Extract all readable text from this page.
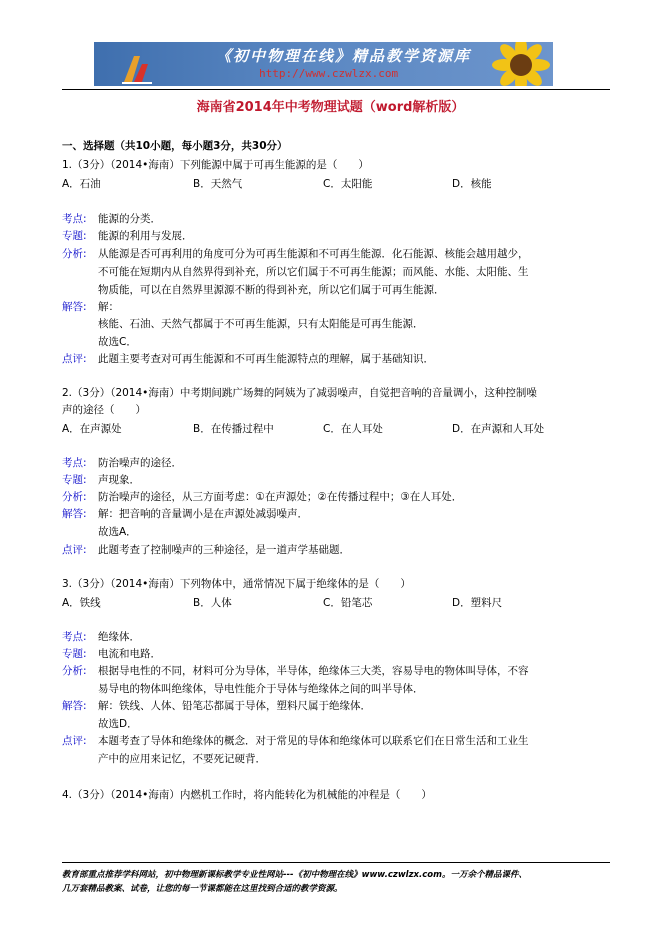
《初中物理在线》精品教学资源库
http://www.czwlzx.com
海南省2014年中考物理试题（word解析版）
一、选择题（共10小题，每小题3分，共30分）
1.（3分）（2014•海南）下列能源中属于可再生能源的是（　　）
A．石油	B．天然气	C．太阳能	D．核能
考点: 能源的分类．
专题: 能源的利用与发展．
分析: 从能源是否可再利用的角度可分为可再生能源和不可再生能源．化石能源、核能会越用越少，
不可能在短期内从自然界得到补充，所以它们属于不可再生能源；而风能、水能、太阳能、生
物质能，可以在自然界里源源不断的得到补充，所以它们属于可再生能源．
解答: 解：
核能、石油、天然气都属于不可再生能源，只有太阳能是可再生能源．
故选C．
点评: 此题主要考查对可再生能源和不可再生能源特点的理解，属于基础知识．
2.（3分）（2014•海南）中考期间跳广场舞的阿姨为了减弱噪声，自觉把音响的音量调小，这种控制噪
声的途径（　　）
A．在声源处	B．在传播过程中	C．在人耳处	D．在声源和人耳处
考点: 防治噪声的途径．
专题: 声现象．
分析: 防治噪声的途径，从三方面考虑：①在声源处；②在传播过程中；③在人耳处．
解答: 解：把音响的音量调小是在声源处减弱噪声．
故选A．
点评: 此题考查了控制噪声的三种途径，是一道声学基础题．
3.（3分）（2014•海南）下列物体中，通常情况下属于绝缘体的是（　　）
A．铁线	B．人体	C．铅笔芯	D．塑料尺
考点: 绝缘体．
专题: 电流和电路．
分析: 根据导电性的不同，材料可分为导体，半导体，绝缘体三大类，容易导电的物体叫导体，不容
易导电的物体叫绝缘体，导电性能介于导体与绝缘体之间的叫半导体．
解答: 解：铁线、人体、铅笔芯都属于导体，塑料尺属于绝缘体．
故选D．
点评: 本题考查了导体和绝缘体的概念．对于常见的导体和绝缘体可以联系它们在日常生活和工业生
产中的应用来记忆，不要死记硬背．
4.（3分）（2014•海南）内燃机工作时，将内能转化为机械能的冲程是（　　）
教育部重点推荐学科网站，初中物理新课标教学专业性网站---《初中物理在线》www.czwlzx.com。一万余个精品课件、
几万套精品教案、试卷，让您的每一节课都能在这里找到合适的教学资源。
